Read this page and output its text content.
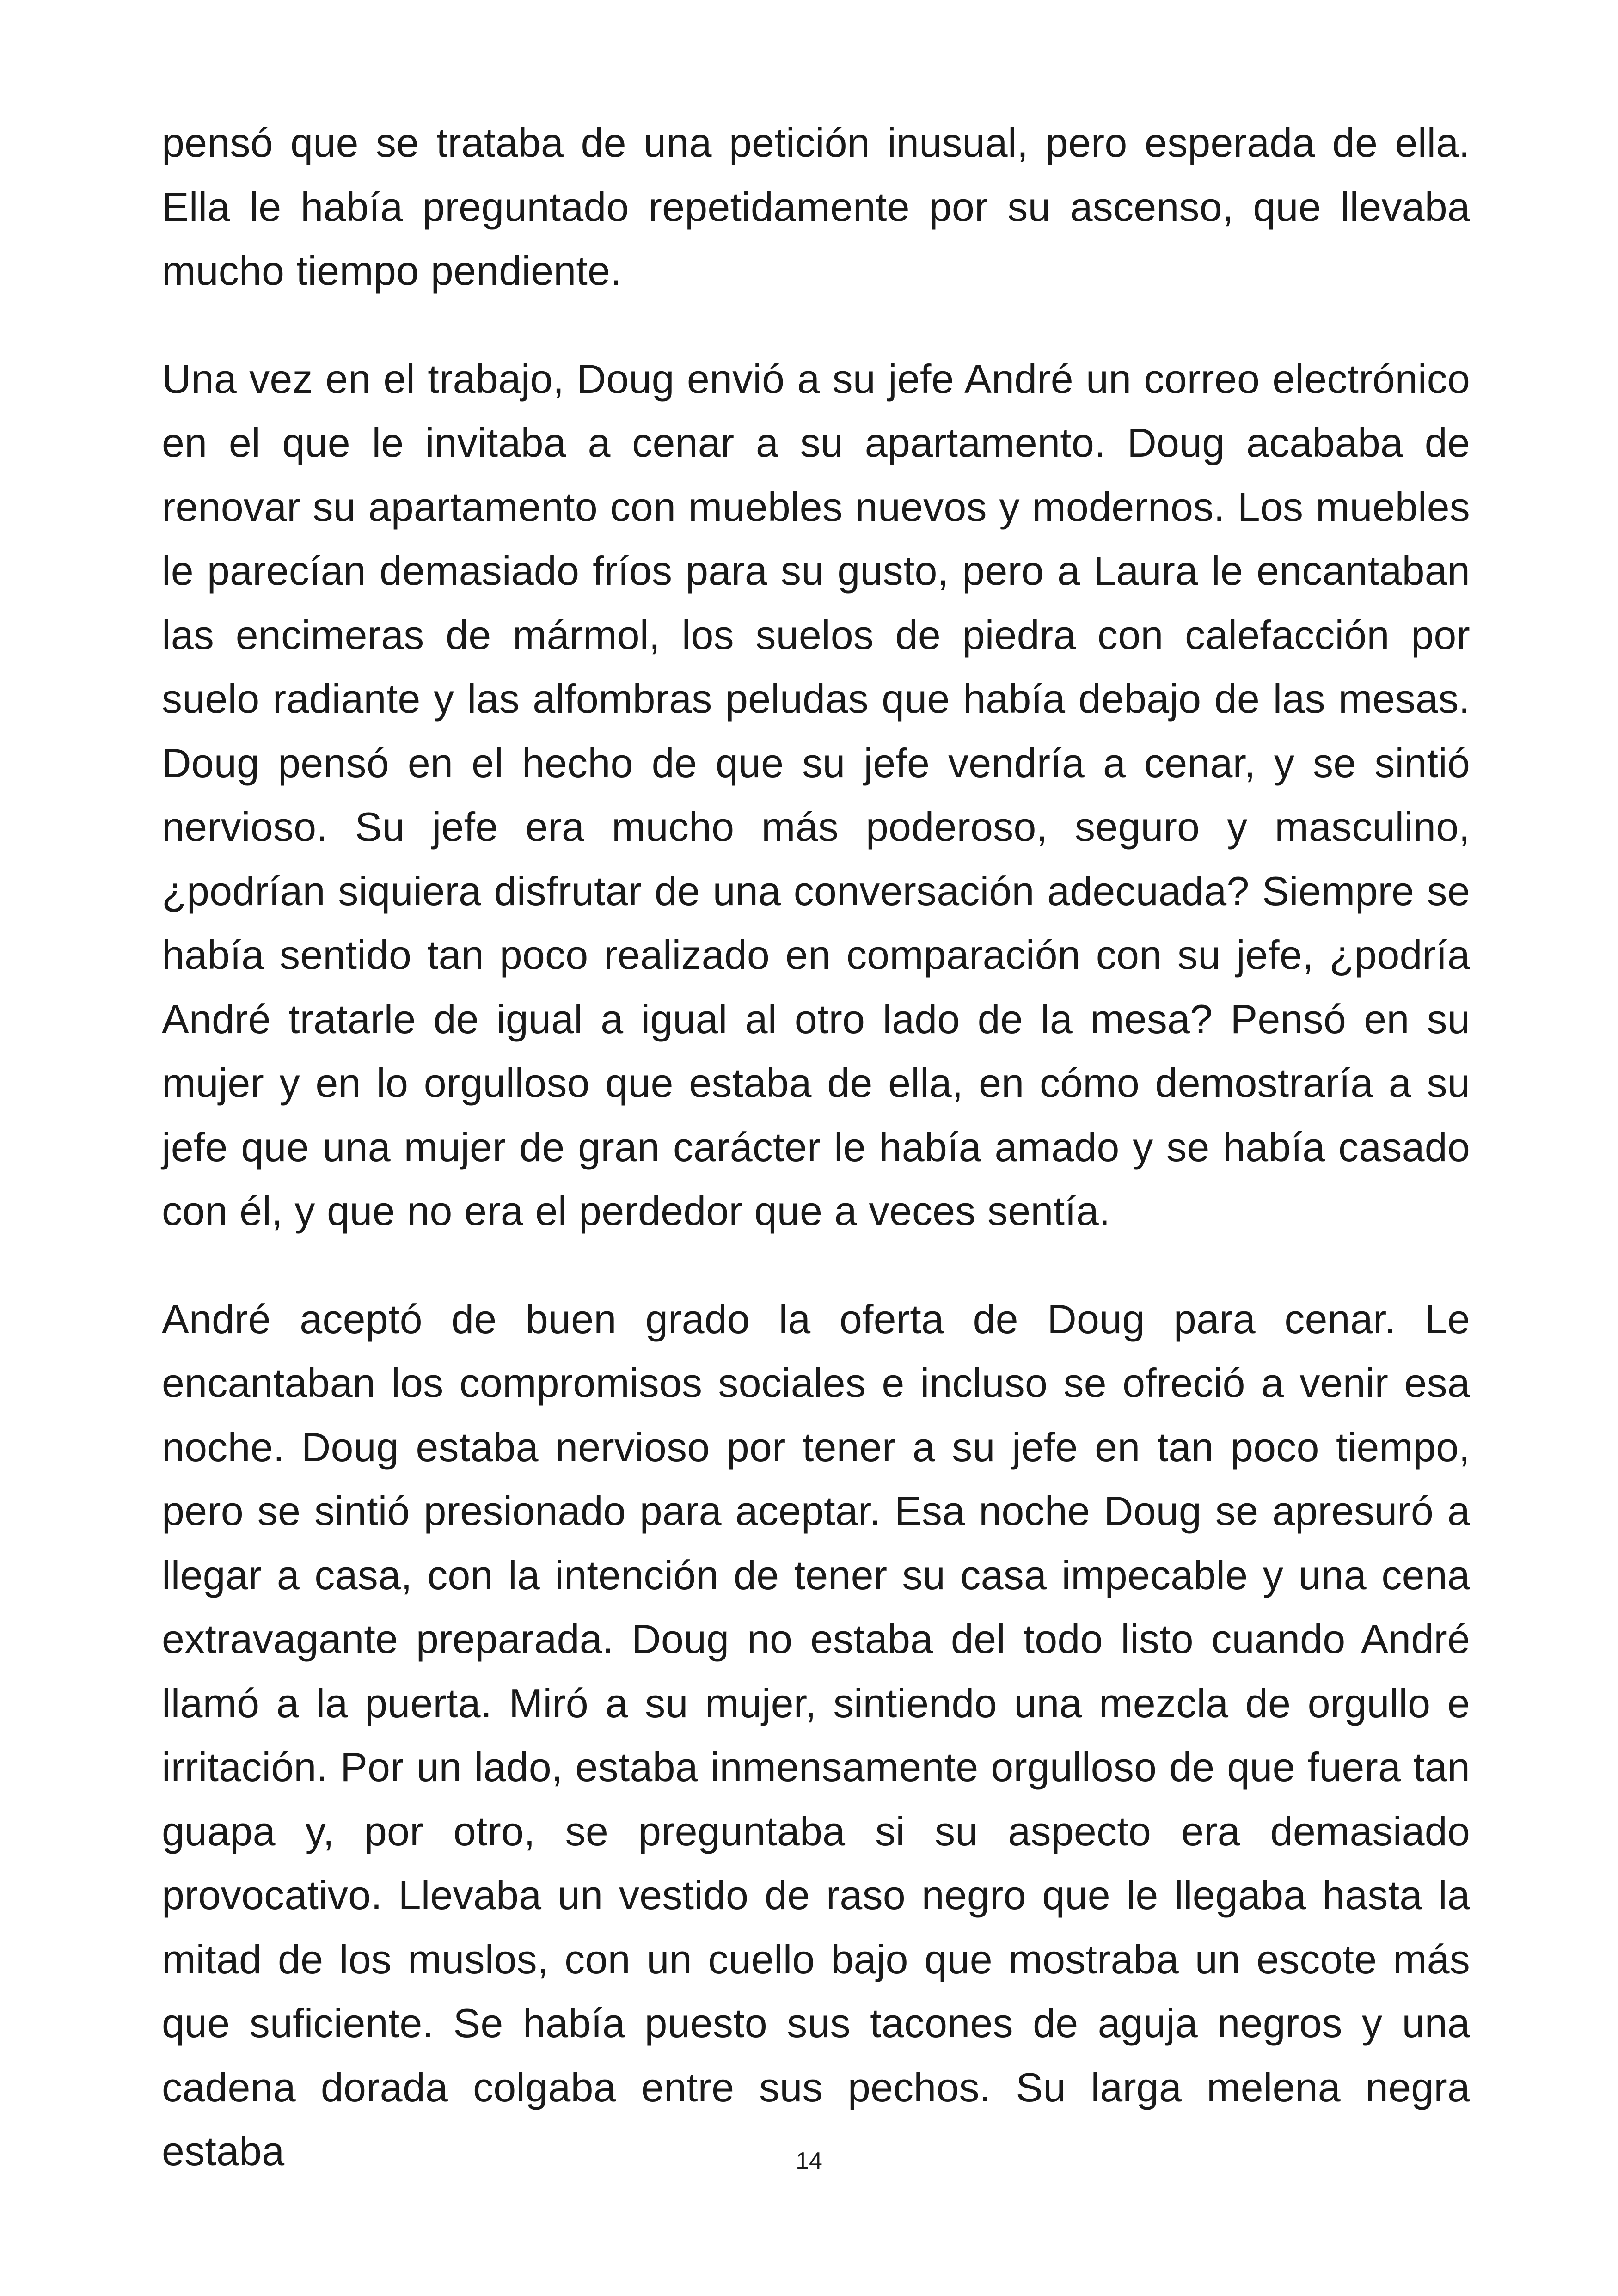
pensó que se trataba de una petición inusual, pero esperada de ella. Ella le había preguntado repetidamente por su ascenso, que llevaba mucho tiempo pendiente.

Una vez en el trabajo, Doug envió a su jefe André un correo electrónico en el que le invitaba a cenar a su apartamento. Doug acababa de renovar su apartamento con muebles nuevos y modernos. Los muebles le parecían demasiado fríos para su gusto, pero a Laura le encantaban las encimeras de mármol, los suelos de piedra con calefacción por suelo radiante y las alfombras peludas que había debajo de las mesas. Doug pensó en el hecho de que su jefe vendría a cenar, y se sintió nervioso. Su jefe era mucho más poderoso, seguro y masculino, ¿podrían siquiera disfrutar de una conversación adecuada? Siempre se había sentido tan poco realizado en comparación con su jefe, ¿podría André tratarle de igual a igual al otro lado de la mesa? Pensó en su mujer y en lo orgulloso que estaba de ella, en cómo demostraría a su jefe que una mujer de gran carácter le había amado y se había casado con él, y que no era el perdedor que a veces sentía.

André aceptó de buen grado la oferta de Doug para cenar. Le encantaban los compromisos sociales e incluso se ofreció a venir esa noche. Doug estaba nervioso por tener a su jefe en tan poco tiempo, pero se sintió presionado para aceptar. Esa noche Doug se apresuró a llegar a casa, con la intención de tener su casa impecable y una cena extravagante preparada. Doug no estaba del todo listo cuando André llamó a la puerta. Miró a su mujer, sintiendo una mezcla de orgullo e irritación. Por un lado, estaba inmensamente orgulloso de que fuera tan guapa y, por otro, se preguntaba si su aspecto era demasiado provocativo. Llevaba un vestido de raso negro que le llegaba hasta la mitad de los muslos, con un cuello bajo que mostraba un escote más que suficiente. Se había puesto sus tacones de aguja negros y una cadena dorada colgaba entre sus pechos. Su larga melena negra estaba	14
